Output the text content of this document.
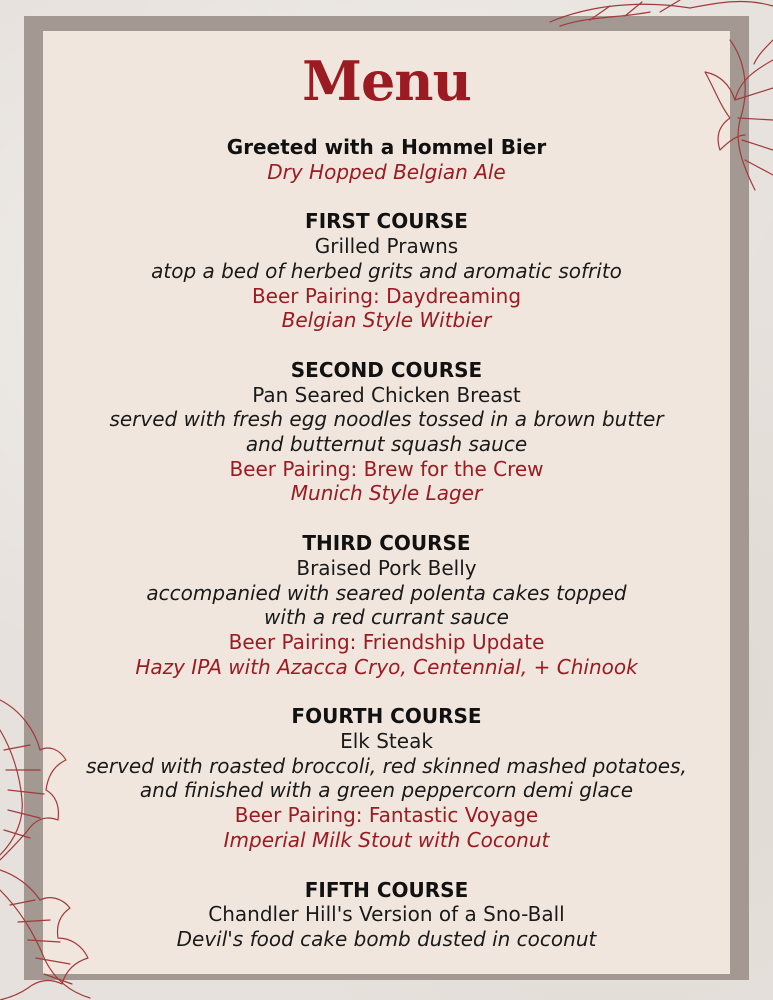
Menu

Greeted with a Hommel Bier

Dry Hopped Belgian Ale

FIRST COURSE

Grilled Prawns

atop a bed of herbed grits and aromatic sofrito

Beer Pairing: Daydreaming

Belgian Style Witbier

SECOND COURSE

Pan Seared Chicken Breast

served with fresh egg noodles tossed in a brown butter

and butternut squash sauce

Beer Pairing: Brew for the Crew

Munich Style Lager

THIRD COURSE

Braised Pork Belly

accompanied with seared polenta cakes topped

with a red currant sauce

Beer Pairing: Friendship Update

Hazy IPA with Azacca Cryo, Centennial, + Chinook

FOURTH COURSE

Elk Steak

served with roasted broccoli, red skinned mashed potatoes,

and finished with a green peppercorn demi glace

Beer Pairing: Fantastic Voyage

Imperial Milk Stout with Coconut

FIFTH COURSE

Chandler Hill's Version of a Sno-Ball

Devil's food cake bomb dusted in coconut
